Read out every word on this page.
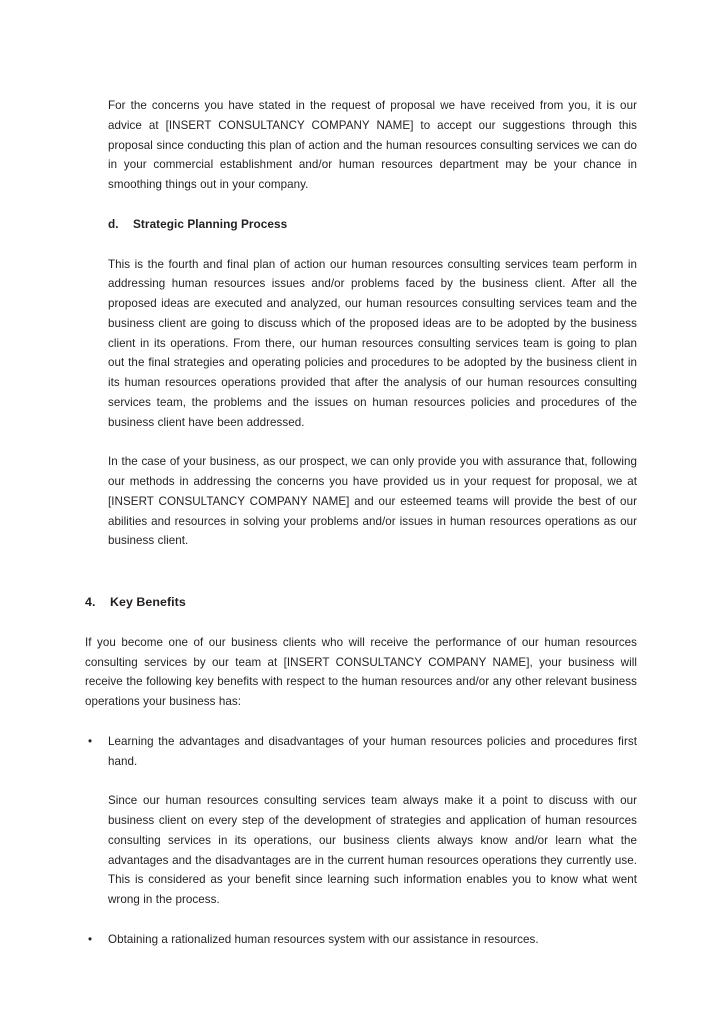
For the concerns you have stated in the request of proposal we have received from you, it is our advice at [INSERT CONSULTANCY COMPANY NAME] to accept our suggestions through this proposal since conducting this plan of action and the human resources consulting services we can do in your commercial establishment and/or human resources department may be your chance in smoothing things out in your company.

d.	Strategic Planning Process

This is the fourth and final plan of action our human resources consulting services team perform in addressing human resources issues and/or problems faced by the business client. After all the proposed ideas are executed and analyzed, our human resources consulting services team and the business client are going to discuss which of the proposed ideas are to be adopted by the business client in its operations. From there, our human resources consulting services team is going to plan out the final strategies and operating policies and procedures to be adopted by the business client in its human resources operations provided that after the analysis of our human resources consulting services team, the problems and the issues on human resources policies and procedures of the business client have been addressed.

In the case of your business, as our prospect, we can only provide you with assurance that, following our methods in addressing the concerns you have provided us in your request for proposal, we at [INSERT CONSULTANCY COMPANY NAME] and our esteemed teams will provide the best of our abilities and resources in solving your problems and/or issues in human resources operations as our business client.

4.	Key Benefits

If you become one of our business clients who will receive the performance of our human resources consulting services by our team at [INSERT CONSULTANCY COMPANY NAME], your business will receive the following key benefits with respect to the human resources and/or any other relevant business operations your business has:

•	Learning the advantages and disadvantages of your human resources policies and procedures first hand.

Since our human resources consulting services team always make it a point to discuss with our business client on every step of the development of strategies and application of human resources consulting services in its operations, our business clients always know and/or learn what the advantages and the disadvantages are in the current human resources operations they currently use. This is considered as your benefit since learning such information enables you to know what went wrong in the process.

•	Obtaining a rationalized human resources system with our assistance in resources.
